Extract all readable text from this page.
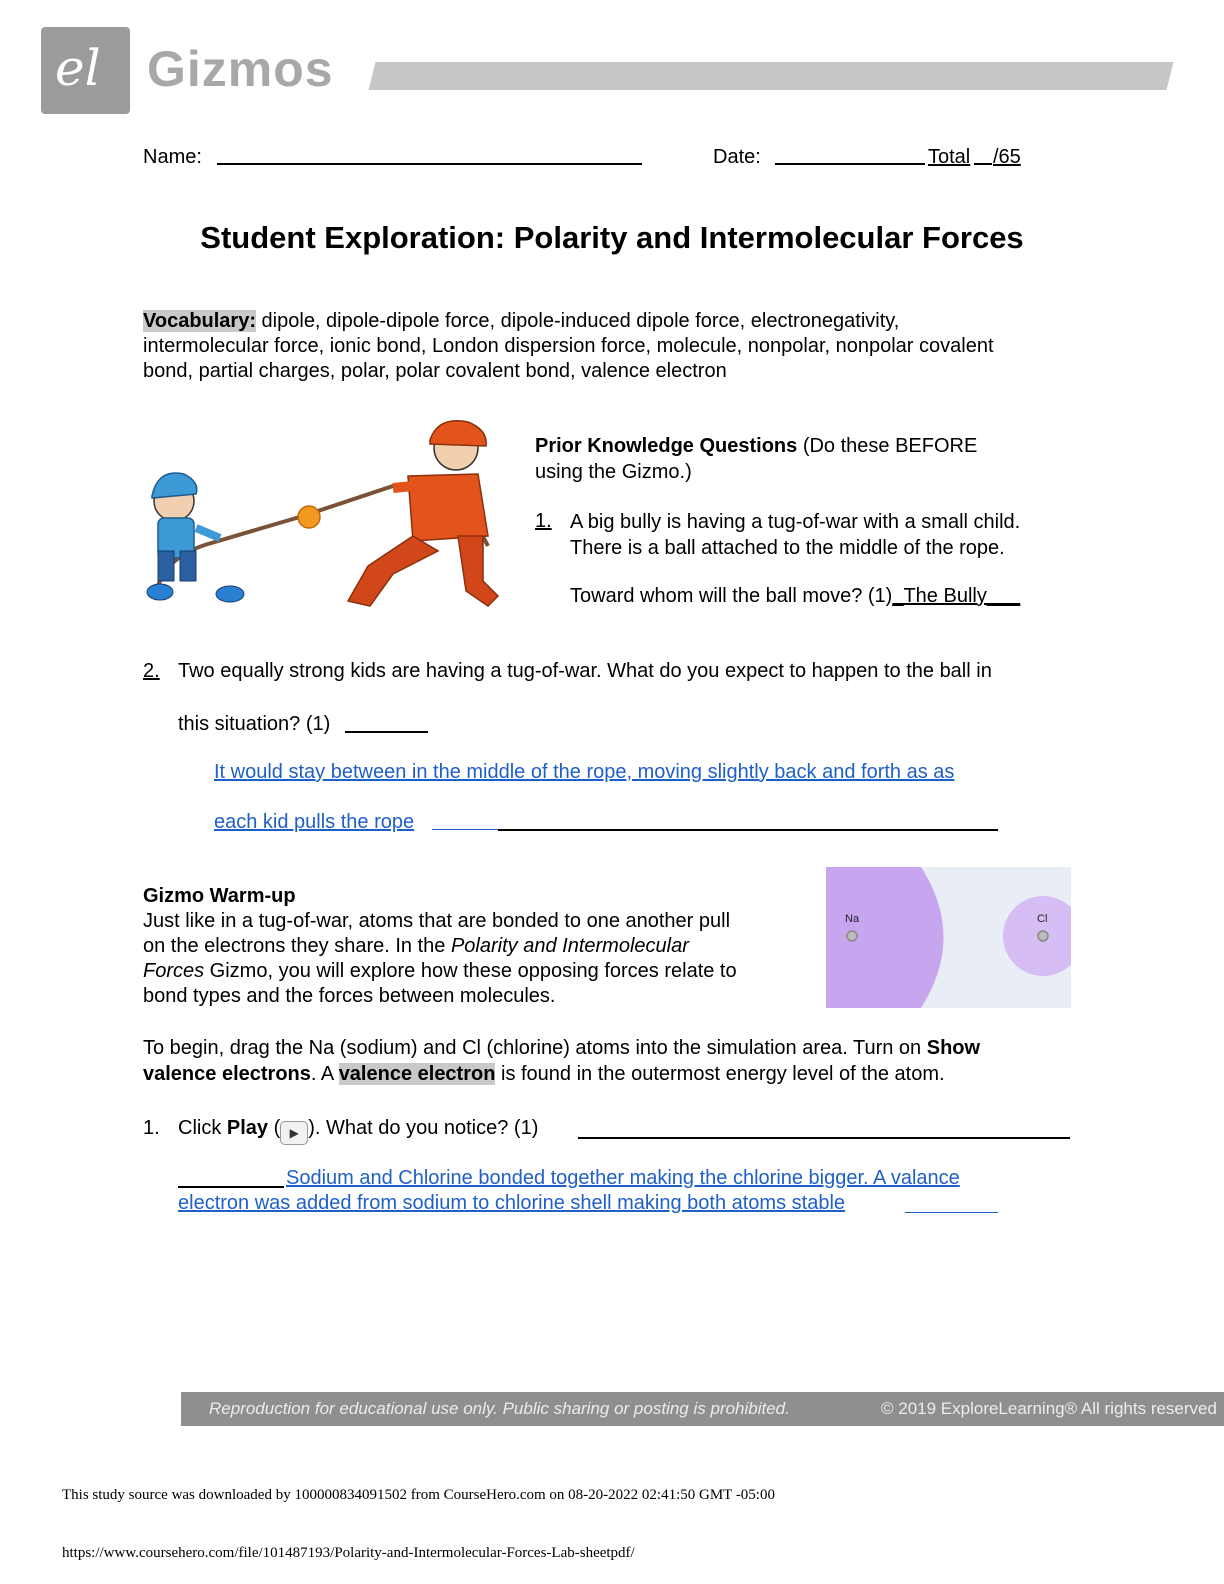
el Gizmos
Name:	Date:	Total /65
Student Exploration: Polarity and Intermolecular Forces
Vocabulary: dipole, dipole-dipole force, dipole-induced dipole force, electronegativity,
intermolecular force, ionic bond, London dispersion force, molecule, nonpolar, nonpolar covalent
bond, partial charges, polar, polar covalent bond, valence electron
Prior Knowledge Questions (Do these BEFORE
using the Gizmo.)
1. A big bully is having a tug-of-war with a small child.
There is a ball attached to the middle of the rope.
Toward whom will the ball move? (1)_The Bully___
2. Two equally strong kids are having a tug-of-war. What do you expect to happen to the ball in
this situation? (1)
It would stay between in the middle of the rope, moving slightly back and forth as as
each kid pulls the rope
Gizmo Warm-up
Just like in a tug-of-war, atoms that are bonded to one another pull
on the electrons they share. In the Polarity and Intermolecular
Forces Gizmo, you will explore how these opposing forces relate to
bond types and the forces between molecules.
Na	Cl
To begin, drag the Na (sodium) and Cl (chlorine) atoms into the simulation area. Turn on Show
valence electrons. A valence electron is found in the outermost energy level of the atom.
1. Click Play ( ▶ ). What do you notice? (1)
Sodium and Chlorine bonded together making the chlorine bigger. A valance
electron was added from sodium to chlorine shell making both atoms stable
Reproduction for educational use only. Public sharing or posting is prohibited.	© 2019 ExploreLearning® All rights reserved
This study source was downloaded by 100000834091502 from CourseHero.com on 08-20-2022 02:41:50 GMT -05:00
https://www.coursehero.com/file/101487193/Polarity-and-Intermolecular-Forces-Lab-sheetpdf/
